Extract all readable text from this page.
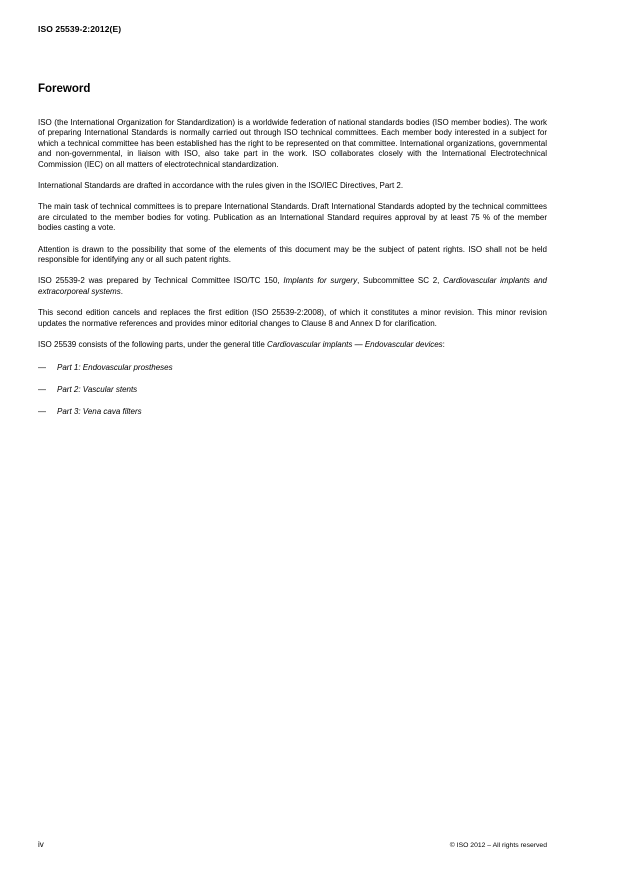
ISO 25539-2:2012(E)
Foreword

ISO (the International Organization for Standardization) is a worldwide federation of national standards bodies (ISO member bodies). The work of preparing International Standards is normally carried out through ISO technical committees. Each member body interested in a subject for which a technical committee has been established has the right to be represented on that committee. International organizations, governmental and non-governmental, in liaison with ISO, also take part in the work. ISO collaborates closely with the International Electrotechnical Commission (IEC) on all matters of electrotechnical standardization.

International Standards are drafted in accordance with the rules given in the ISO/IEC Directives, Part 2.

The main task of technical committees is to prepare International Standards. Draft International Standards adopted by the technical committees are circulated to the member bodies for voting. Publication as an International Standard requires approval by at least 75 % of the member bodies casting a vote.

Attention is drawn to the possibility that some of the elements of this document may be the subject of patent rights. ISO shall not be held responsible for identifying any or all such patent rights.

ISO 25539-2 was prepared by Technical Committee ISO/TC 150, Implants for surgery, Subcommittee SC 2, Cardiovascular implants and extracorporeal systems.

This second edition cancels and replaces the first edition (ISO 25539-2:2008), of which it constitutes a minor revision. This minor revision updates the normative references and provides minor editorial changes to Clause 8 and Annex D for clarification.

ISO 25539 consists of the following parts, under the general title Cardiovascular implants — Endovascular devices:

—	Part 1: Endovascular prostheses
—	Part 2: Vascular stents
—	Part 3: Vena cava filters
iv	© ISO 2012 – All rights reserved
